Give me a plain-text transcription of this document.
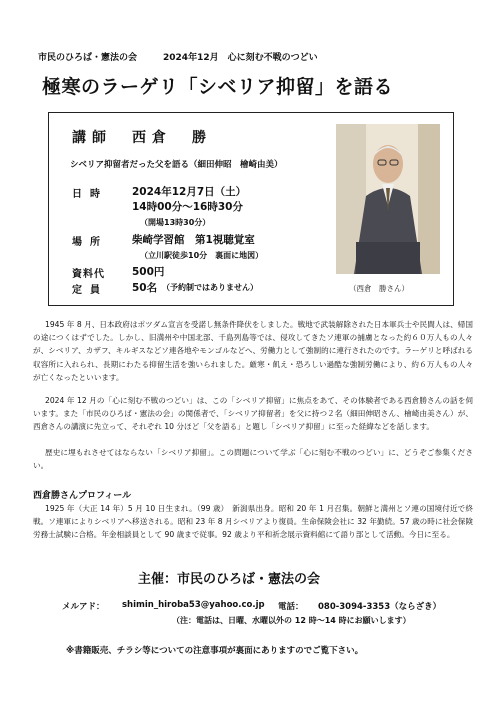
市民のひろば・憲法の会	2024年12月　心に刻む不戦のつどい
極寒のラーゲリ「シベリア抑留」を語る
講師　西倉　勝
シベリア抑留者だった父を語る（細田伸昭　檜崎由美）
日時 2024年12月7日（土）
14時00分～16時30分
（開場13時30分）
場所 柴崎学習館　第1視聴覚室
（立川駅徒歩10分　裏面に地図）
資料代	500円
定員 50名 （予約制ではありません）	（西倉　勝さん）
1945 年 8 月、日本政府はポツダム宣言を受諾し無条件降伏をしました。戦地で武装解除された日本軍兵士や民間人は、帰国の途につくはずでした。しかし、旧満州や中国北部、千島列島等では、侵攻してきたソ連軍の捕虜となった約６０万人もの人々が、シベリア、カザフ、キルギスなどソ連各地やモンゴルなどへ、労働力として強制的に連行されたのです。ラーゲリと呼ばれる収容所に入れられ、長期にわたる抑留生活を強いられました。厳寒・飢え・恐ろしい過酷な強制労働により、約６万人もの人々が亡くなったといいます。
2024 年 12 月の「心に刻む不戦のつどい」は、この「シベリア抑留」に焦点をあて、その体験者である西倉勝さんの話を伺います。また「市民のひろば・憲法の会」の関係者で、「シベリア抑留者」を父に持つ２名（細田伸昭さん、檜崎由美さん）が、西倉さんの講演に先立って、それぞれ 10 分ほど「父を語る」と題し「シベリア抑留」に至った経緯などを話します。
歴史に埋もれさせてはならない「シベリア抑留」。この問題について学ぶ「心に刻む不戦のつどい」に、どうぞご参集ください。
西倉勝さんプロフィール
1925 年（大正 14 年）5 月 10 日生まれ。（99 歳）　新潟県出身。昭和 20 年 1 月召集。朝鮮と満州とソ連の国境付近で終戦。ソ連軍によりシベリアへ移送される。昭和 23 年 8 月シベリアより復員。生命保険会社に 32 年勤続。57 歳の時に社会保険労務士試験に合格。年金相談員として 90 歳まで従事。92 歳より平和祈念展示資料館にて語り部として活動。今日に至る。
主催：市民のひろば・憲法の会
メルアド： shimin_hiroba53@yahoo.co.jp 電話： 080-3094-3353（ならざき）
（注：電話は、日曜、水曜以外の 12 時～14 時にお願いします）
※書籍販売、チラシ等についての注意事項が裏面にありますのでご覧下さい。
